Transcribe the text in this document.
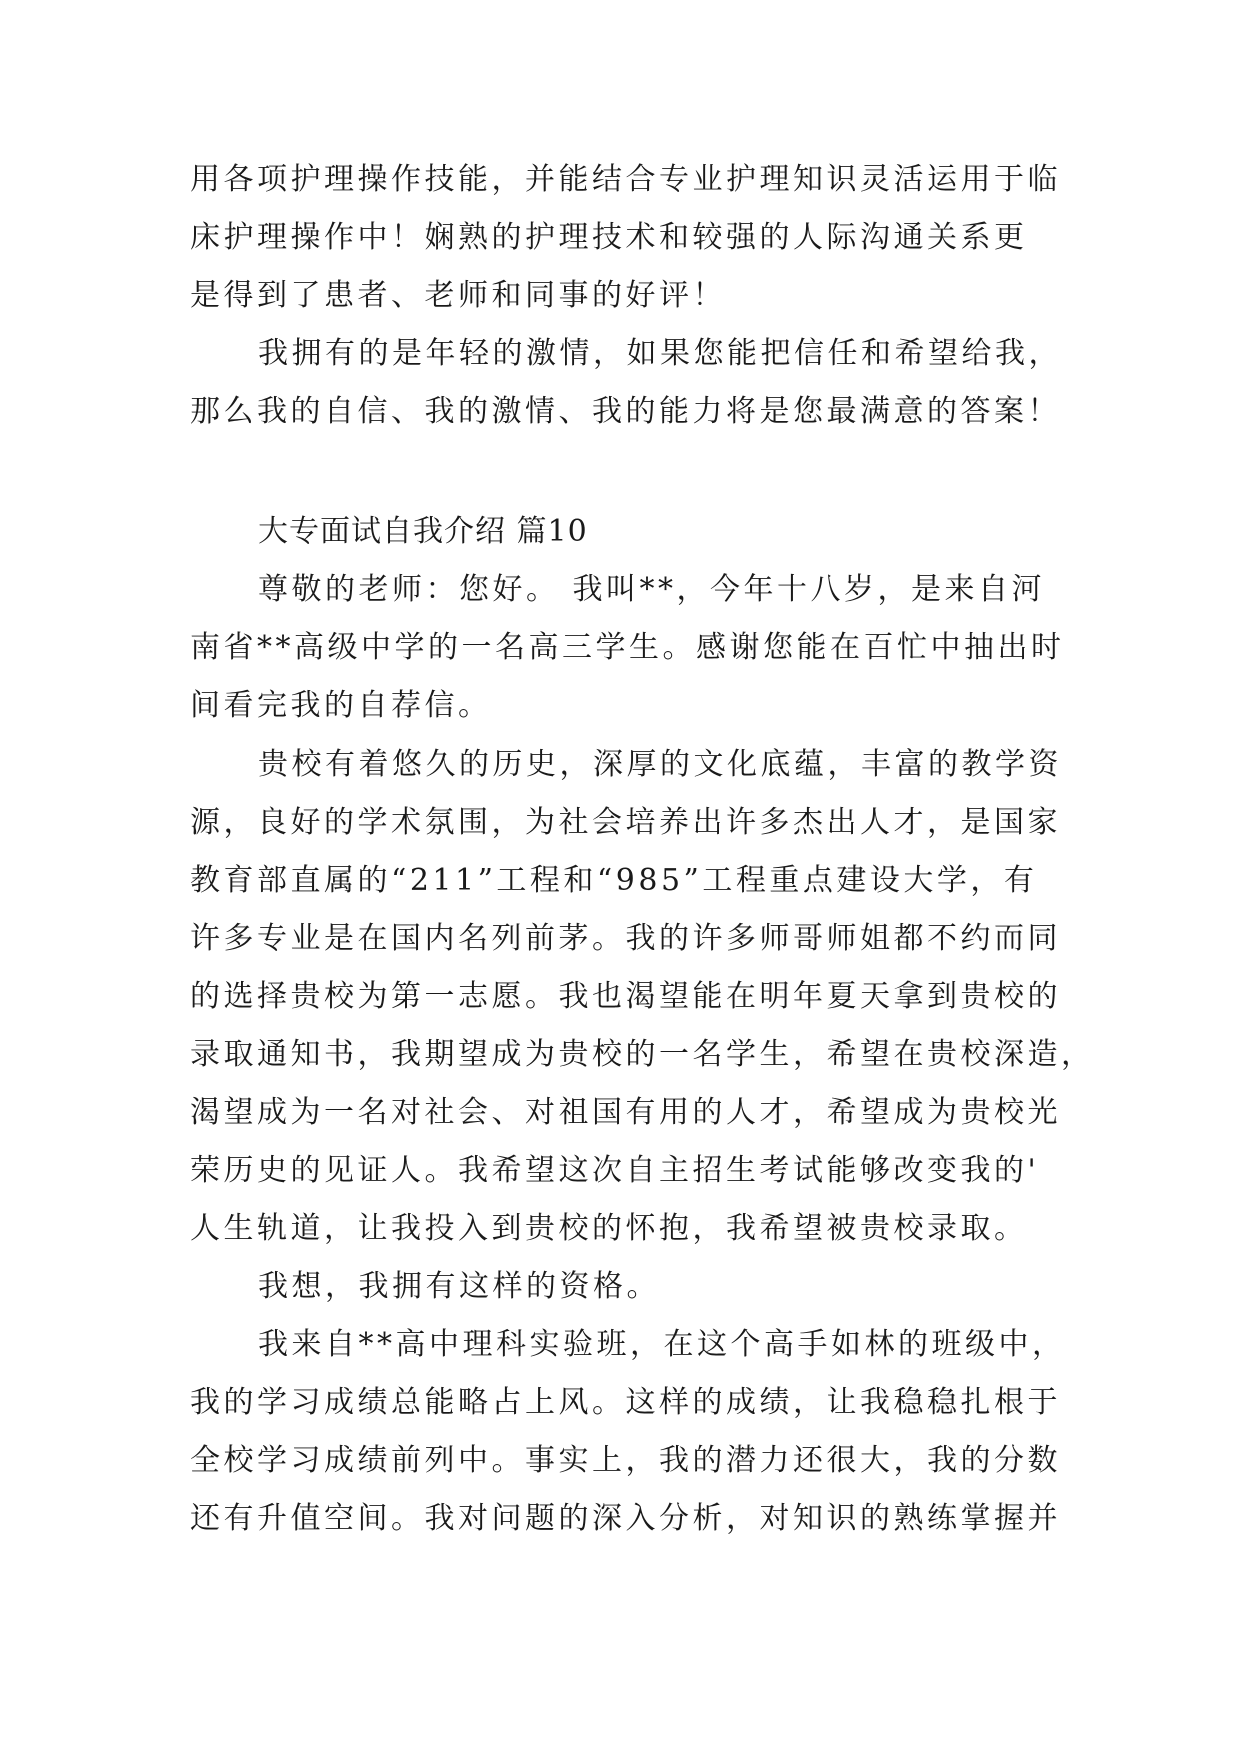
用各项护理操作技能，并能结合专业护理知识灵活运用于临
床护理操作中！娴熟的护理技术和较强的人际沟通关系更
是得到了患者、老师和同事的好评！
我拥有的是年轻的激情，如果您能把信任和希望给我，
那么我的自信、我的激情、我的能力将是您最满意的答案！
大专面试自我介绍 篇10
尊敬的老师：您好。 我叫**，今年十八岁，是来自河
南省**高级中学的一名高三学生。感谢您能在百忙中抽出时
间看完我的自荐信。
贵校有着悠久的历史，深厚的文化底蕴，丰富的教学资
源，良好的学术氛围，为社会培养出许多杰出人才，是国家
教育部直属的“211”工程和“985”工程重点建设大学，有
许多专业是在国内名列前茅。我的许多师哥师姐都不约而同
的选择贵校为第一志愿。我也渴望能在明年夏天拿到贵校的
录取通知书，我期望成为贵校的一名学生，希望在贵校深造，
渴望成为一名对社会、对祖国有用的人才，希望成为贵校光
荣历史的见证人。我希望这次自主招生考试能够改变我的'
人生轨道，让我投入到贵校的怀抱，我希望被贵校录取。
我想，我拥有这样的资格。
我来自**高中理科实验班，在这个高手如林的班级中，
我的学习成绩总能略占上风。这样的成绩，让我稳稳扎根于
全校学习成绩前列中。事实上，我的潜力还很大，我的分数
还有升值空间。我对问题的深入分析，对知识的熟练掌握并
